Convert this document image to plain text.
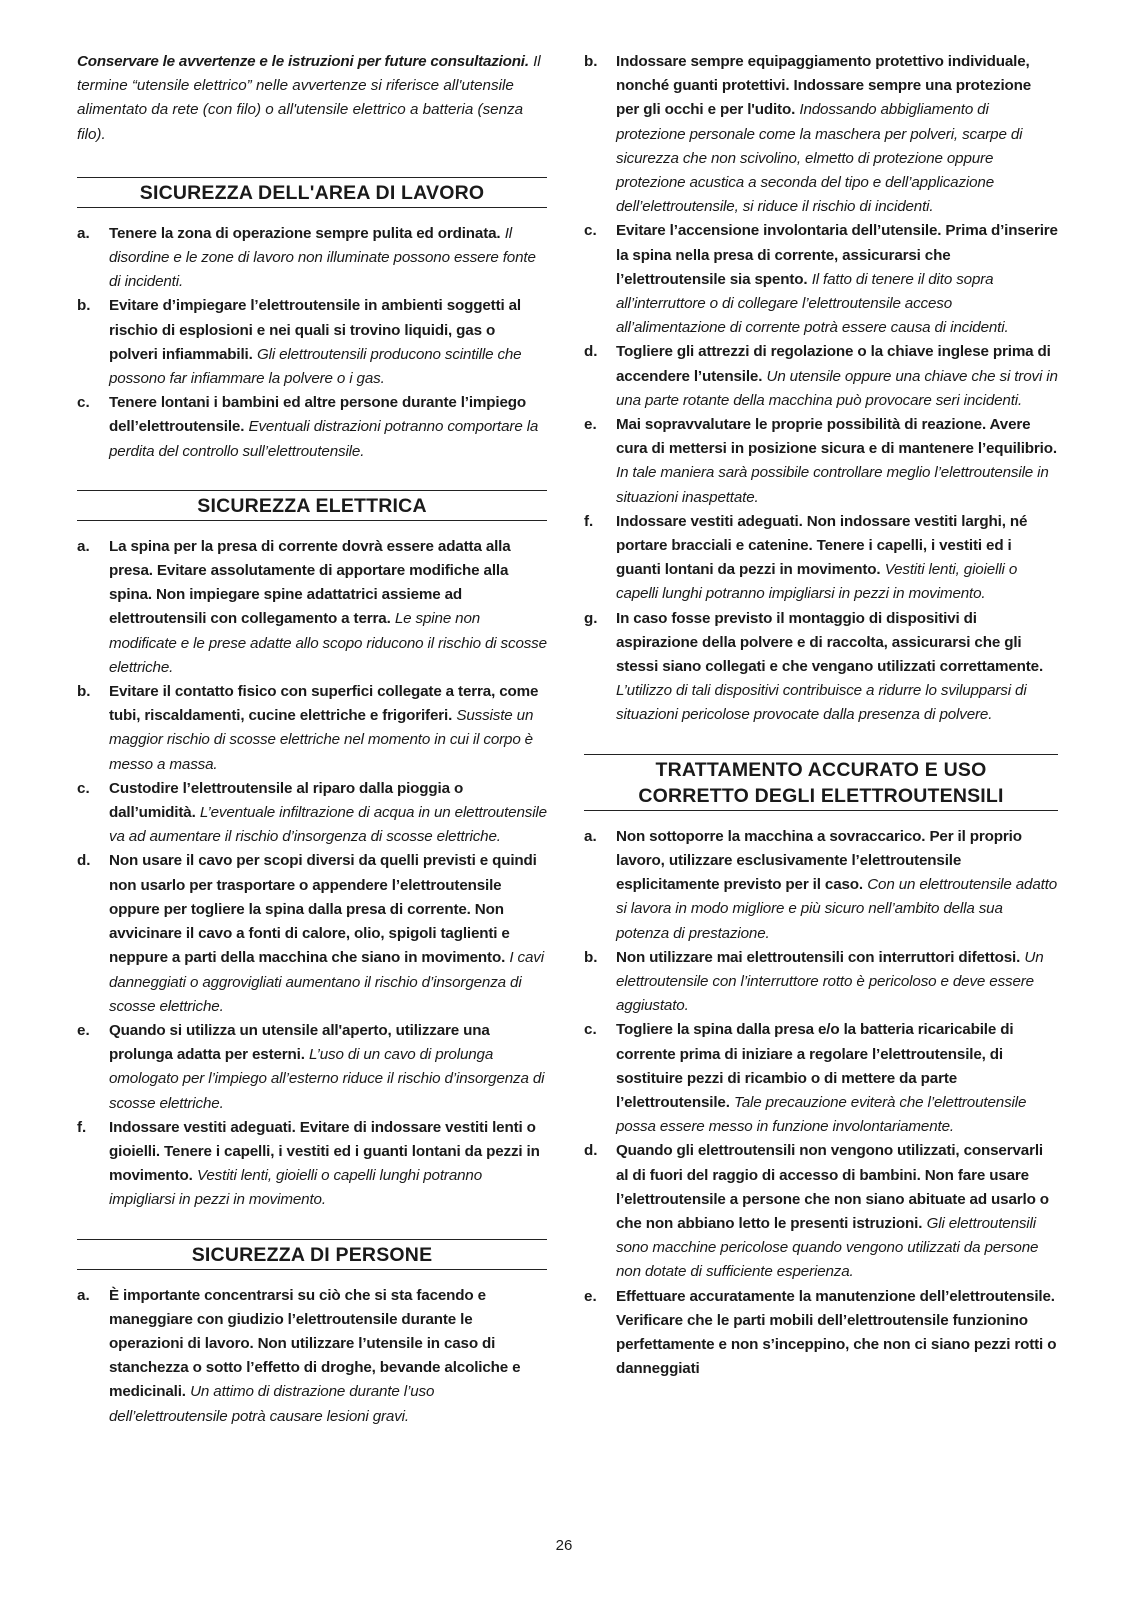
Conservare le avvertenze e le istruzioni per future consultazioni. Il termine “utensile elettrico” nelle avvertenze si riferisce all'utensile alimentato da rete (con filo) o all'utensile elettrico a batteria (senza filo).

SICUREZZA DELL'AREA DI LAVORO
a. Tenere la zona di operazione sempre pulita ed ordinata. Il disordine e le zone di lavoro non illuminate possono essere fonte di incidenti.
b. Evitare d’impiegare l’elettroutensile in ambienti soggetti al rischio di esplosioni e nei quali si trovino liquidi, gas o polveri infiammabili. Gli elettroutensili producono scintille che possono far infiammare la polvere o i gas.
c. Tenere lontani i bambini ed altre persone durante l’impiego dell’elettroutensile. Eventuali distrazioni potranno comportare la perdita del controllo sull’elettroutensile.
SICUREZZA ELETTRICA
a. La spina per la presa di corrente dovrà essere adatta alla presa. Evitare assolutamente di apportare modifiche alla spina. Non impiegare spine adattatrici assieme ad elettroutensili con collegamento a terra. Le spine non modificate e le prese adatte allo scopo riducono il rischio di scosse elettriche.
b. Evitare il contatto fisico con superfici collegate a terra, come tubi, riscaldamenti, cucine elettriche e frigoriferi. Sussiste un maggior rischio di scosse elettriche nel momento in cui il corpo è messo a massa.
c. Custodire l’elettroutensile al riparo dalla pioggia o dall’umidità. L’eventuale infiltrazione di acqua in un elettroutensile va ad aumentare il rischio d’insorgenza di scosse elettriche.
d. Non usare il cavo per scopi diversi da quelli previsti e quindi non usarlo per trasportare o appendere l’elettroutensile oppure per togliere la spina dalla presa di corrente. Non avvicinare il cavo a fonti di calore, olio, spigoli taglienti e neppure a parti della macchina che siano in movimento. I cavi danneggiati o aggrovigliati aumentano il rischio d’insorgenza di scosse elettriche.
e. Quando si utilizza un utensile all'aperto, utilizzare una prolunga adatta per esterni. L’uso di un cavo di prolunga omologato per l’impiego all’esterno riduce il rischio d’insorgenza di scosse elettriche.
f. Indossare vestiti adeguati. Evitare di indossare vestiti lenti o gioielli. Tenere i capelli, i vestiti ed i guanti lontani da pezzi in movimento. Vestiti lenti, gioielli o capelli lunghi potranno impigliarsi in pezzi in movimento.
SICUREZZA DI PERSONE
a. È importante concentrarsi su ciò che si sta facendo e maneggiare con giudizio l’elettroutensile durante le operazioni di lavoro. Non utilizzare l’utensile in caso di stanchezza o sotto l’effetto di droghe, bevande alcoliche e medicinali. Un attimo di distrazione durante l’uso dell’elettroutensile potrà causare lesioni gravi.
b. Indossare sempre equipaggiamento protettivo individuale, nonché guanti protettivi. Indossare sempre una protezione per gli occhi e per l'udito. Indossando abbigliamento di protezione personale come la maschera per polveri, scarpe di sicurezza che non scivolino, elmetto di protezione oppure protezione acustica a seconda del tipo e dell’applicazione dell’elettroutensile, si riduce il rischio di incidenti.
c. Evitare l’accensione involontaria dell’utensile. Prima d’inserire la spina nella presa di corrente, assicurarsi che l’elettroutensile sia spento. Il fatto di tenere il dito sopra all’interruttore o di collegare l’elettroutensile acceso all’alimentazione di corrente potrà essere causa di incidenti.
d. Togliere gli attrezzi di regolazione o la chiave inglese prima di accendere l’utensile. Un utensile oppure una chiave che si trovi in una parte rotante della macchina può provocare seri incidenti.
e. Mai sopravvalutare le proprie possibilità di reazione. Avere cura di mettersi in posizione sicura e di mantenere l’equilibrio. In tale maniera sarà possibile controllare meglio l’elettroutensile in situazioni inaspettate.
f. Indossare vestiti adeguati. Non indossare vestiti larghi, né portare bracciali e catenine. Tenere i capelli, i vestiti ed i guanti lontani da pezzi in movimento. Vestiti lenti, gioielli o capelli lunghi potranno impigliarsi in pezzi in movimento.
g. In caso fosse previsto il montaggio di dispositivi di aspirazione della polvere e di raccolta, assicurarsi che gli stessi siano collegati e che vengano utilizzati correttamente. L’utilizzo di tali dispositivi contribuisce a ridurre lo svilupparsi di situazioni pericolose provocate dalla presenza di polvere.
TRATTAMENTO ACCURATO E USO
CORRETTO DEGLI ELETTROUTENSILI
a. Non sottoporre la macchina a sovraccarico. Per il proprio lavoro, utilizzare esclusivamente l’elettroutensile esplicitamente previsto per il caso. Con un elettroutensile adatto si lavora in modo migliore e più sicuro nell’ambito della sua potenza di prestazione.
b. Non utilizzare mai elettroutensili con interruttori difettosi. Un elettroutensile con l’interruttore rotto è pericoloso e deve essere aggiustato.
c. Togliere la spina dalla presa e/o la batteria ricaricabile di corrente prima di iniziare a regolare l’elettroutensile, di sostituire pezzi di ricambio o di mettere da parte l’elettroutensile. Tale precauzione eviterà che l’elettroutensile possa essere messo in funzione involontariamente.
d. Quando gli elettroutensili non vengono utilizzati, conservarli al di fuori del raggio di accesso di bambini. Non fare usare l’elettroutensile a persone che non siano abituate ad usarlo o che non abbiano letto le presenti istruzioni. Gli elettroutensili sono macchine pericolose quando vengono utilizzati da persone non dotate di sufficiente esperienza.
e. Effettuare accuratamente la manutenzione dell’elettroutensile. Verificare che le parti mobili dell’elettroutensile funzionino perfettamente e non s’inceppino, che non ci siano pezzi rotti o danneggiati
26
